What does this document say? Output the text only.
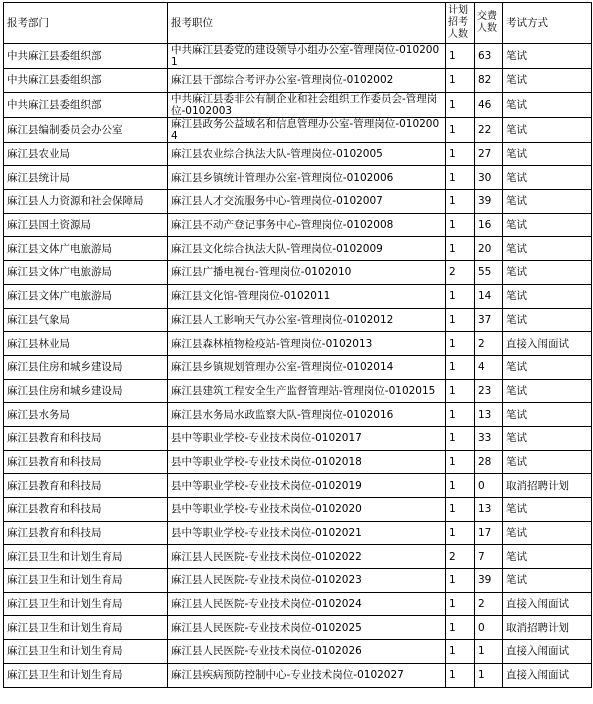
报考部门	报考职位	计划招考人数	交费人数	考试方式
中共麻江县委组织部	中共麻江县委党的建设领导小组办公室-管理岗位-0102001	1	63	笔试
中共麻江县委组织部	麻江县干部综合考评办公室-管理岗位-0102002	1	82	笔试
中共麻江县委组织部	中共麻江县委非公有制企业和社会组织工作委员会-管理岗位-0102003	1	46	笔试
麻江县编制委员会办公室	麻江县政务公益域名和信息管理办公室-管理岗位-0102004	1	22	笔试
麻江县农业局	麻江县农业综合执法大队-管理岗位-0102005	1	27	笔试
麻江县统计局	麻江县乡镇统计管理办公室-管理岗位-0102006	1	30	笔试
麻江县人力资源和社会保障局	麻江县人才交流服务中心-管理岗位-0102007	1	39	笔试
麻江县国土资源局	麻江县不动产登记事务中心-管理岗位-0102008	1	16	笔试
麻江县文体广电旅游局	麻江县文化综合执法大队-管理岗位-0102009	1	20	笔试
麻江县文体广电旅游局	麻江县广播电视台-管理岗位-0102010	2	55	笔试
麻江县文体广电旅游局	麻江县文化馆-管理岗位-0102011	1	14	笔试
麻江县气象局	麻江县人工影响天气办公室-管理岗位-0102012	1	37	笔试
麻江县林业局	麻江县森林植物检疫站-管理岗位-0102013	1	2	直接入闱面试
麻江县住房和城乡建设局	麻江县乡镇规划管理办公室-管理岗位-0102014	1	4	笔试
麻江县住房和城乡建设局	麻江县建筑工程安全生产监督管理站-管理岗位-0102015	1	23	笔试
麻江县水务局	麻江县水务局水政监察大队-管理岗位-0102016	1	13	笔试
麻江县教育和科技局	县中等职业学校-专业技术岗位-0102017	1	33	笔试
麻江县教育和科技局	县中等职业学校-专业技术岗位-0102018	1	28	笔试
麻江县教育和科技局	县中等职业学校-专业技术岗位-0102019	1	0	取消招聘计划
麻江县教育和科技局	县中等职业学校-专业技术岗位-0102020	1	13	笔试
麻江县教育和科技局	县中等职业学校-专业技术岗位-0102021	1	17	笔试
麻江县卫生和计划生育局	麻江县人民医院-专业技术岗位-0102022	2	7	笔试
麻江县卫生和计划生育局	麻江县人民医院-专业技术岗位-0102023	1	39	笔试
麻江县卫生和计划生育局	麻江县人民医院-专业技术岗位-0102024	1	2	直接入闱面试
麻江县卫生和计划生育局	麻江县人民医院-专业技术岗位-0102025	1	0	取消招聘计划
麻江县卫生和计划生育局	麻江县人民医院-专业技术岗位-0102026	1	1	直接入闱面试
麻江县卫生和计划生育局	麻江县疾病预防控制中心-专业技术岗位-0102027	1	1	直接入闱面试
